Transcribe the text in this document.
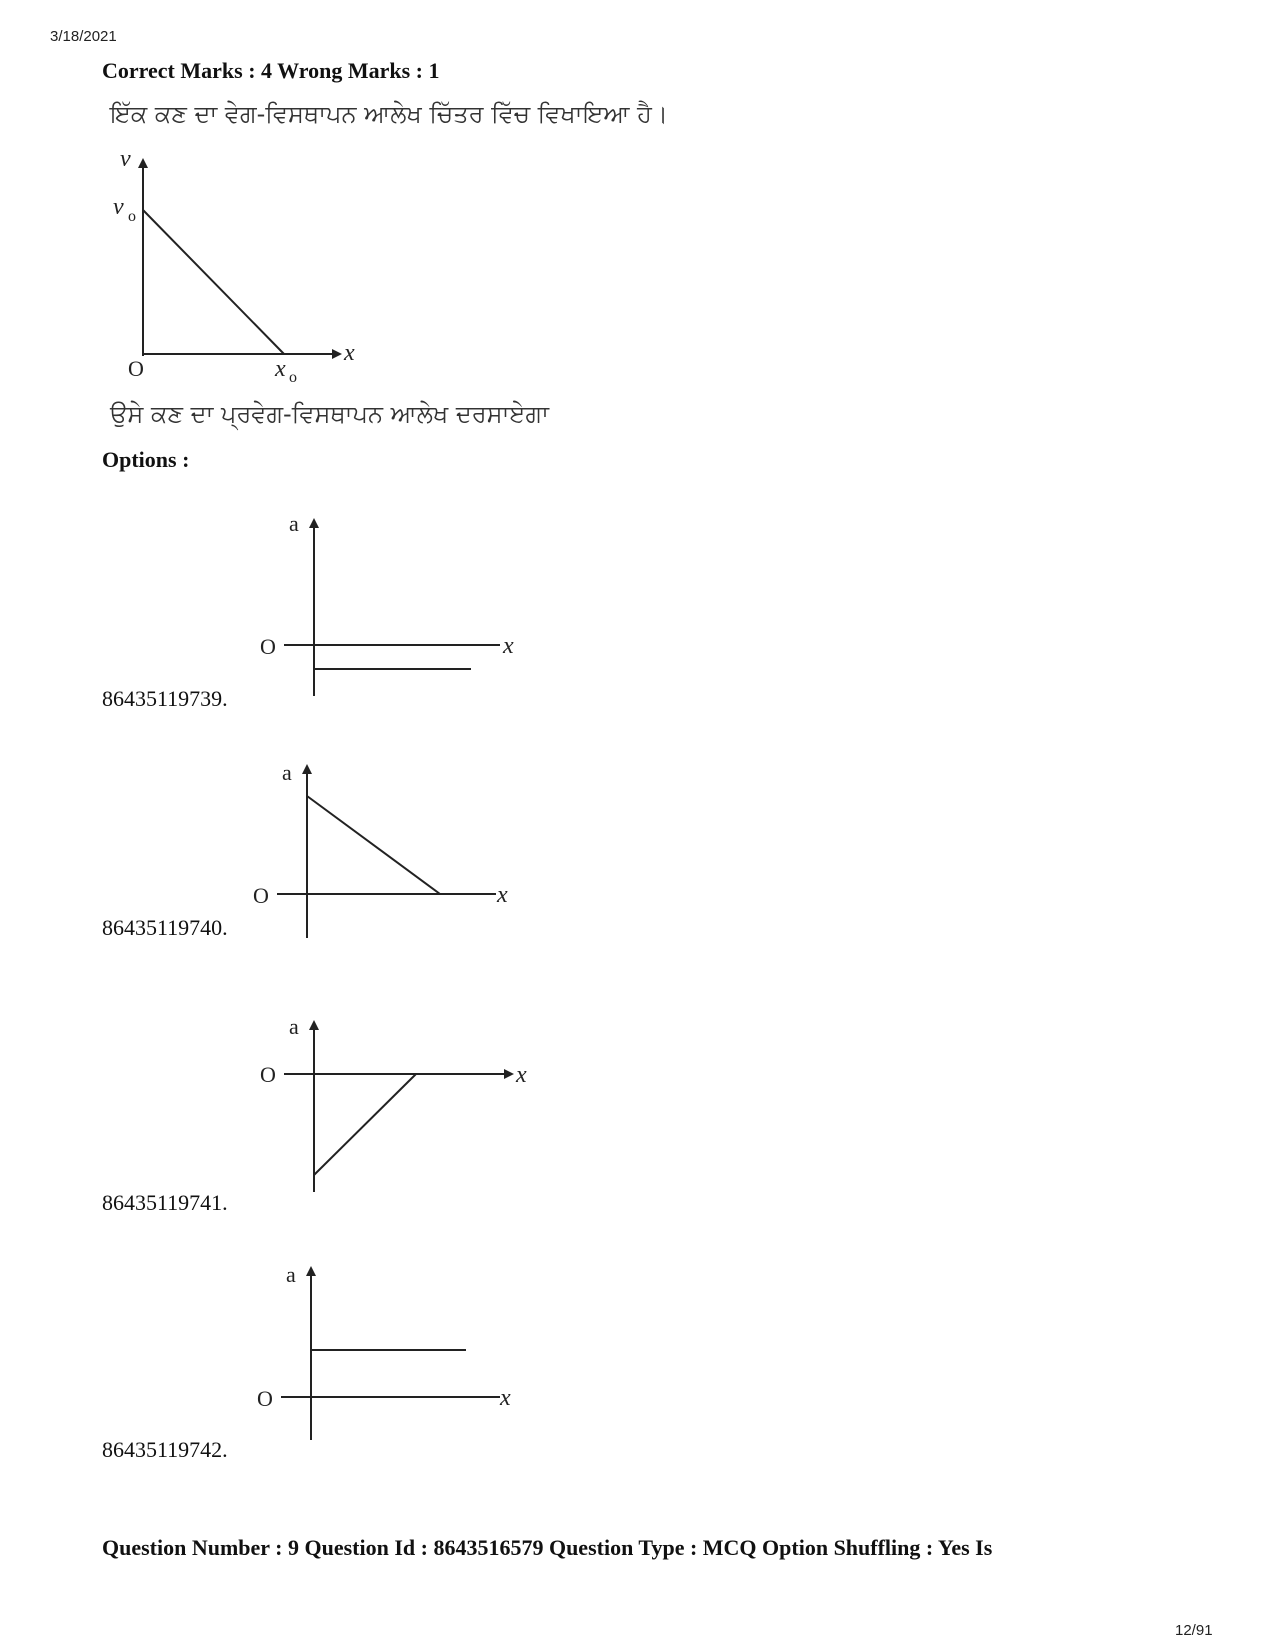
3/18/2021
Correct Marks : 4 Wrong Marks : 1
ਇੱਕ ਕਣ ਦਾ ਵੇਗ-ਵਿਸਥਾਪਨ ਆਲੇਖ ਚਿੱਤਰ ਵਿੱਚ ਵਿਖਾਇਆ ਹੈ।
v
v o
O	x o
x
ਉਸੇ ਕਣ ਦਾ ਪ੍ਰਵੇਗ-ਵਿਸਥਾਪਨ ਆਲੇਖ ਦਰਸਾਏਗਾ
Options :
a
O	x
86435119739.
a
O	x
86435119740.
a
O	x
86435119741.
a
O	x
86435119742.
Question Number : 9 Question Id : 8643516579 Question Type : MCQ Option Shuffling : Yes Is
12/91
